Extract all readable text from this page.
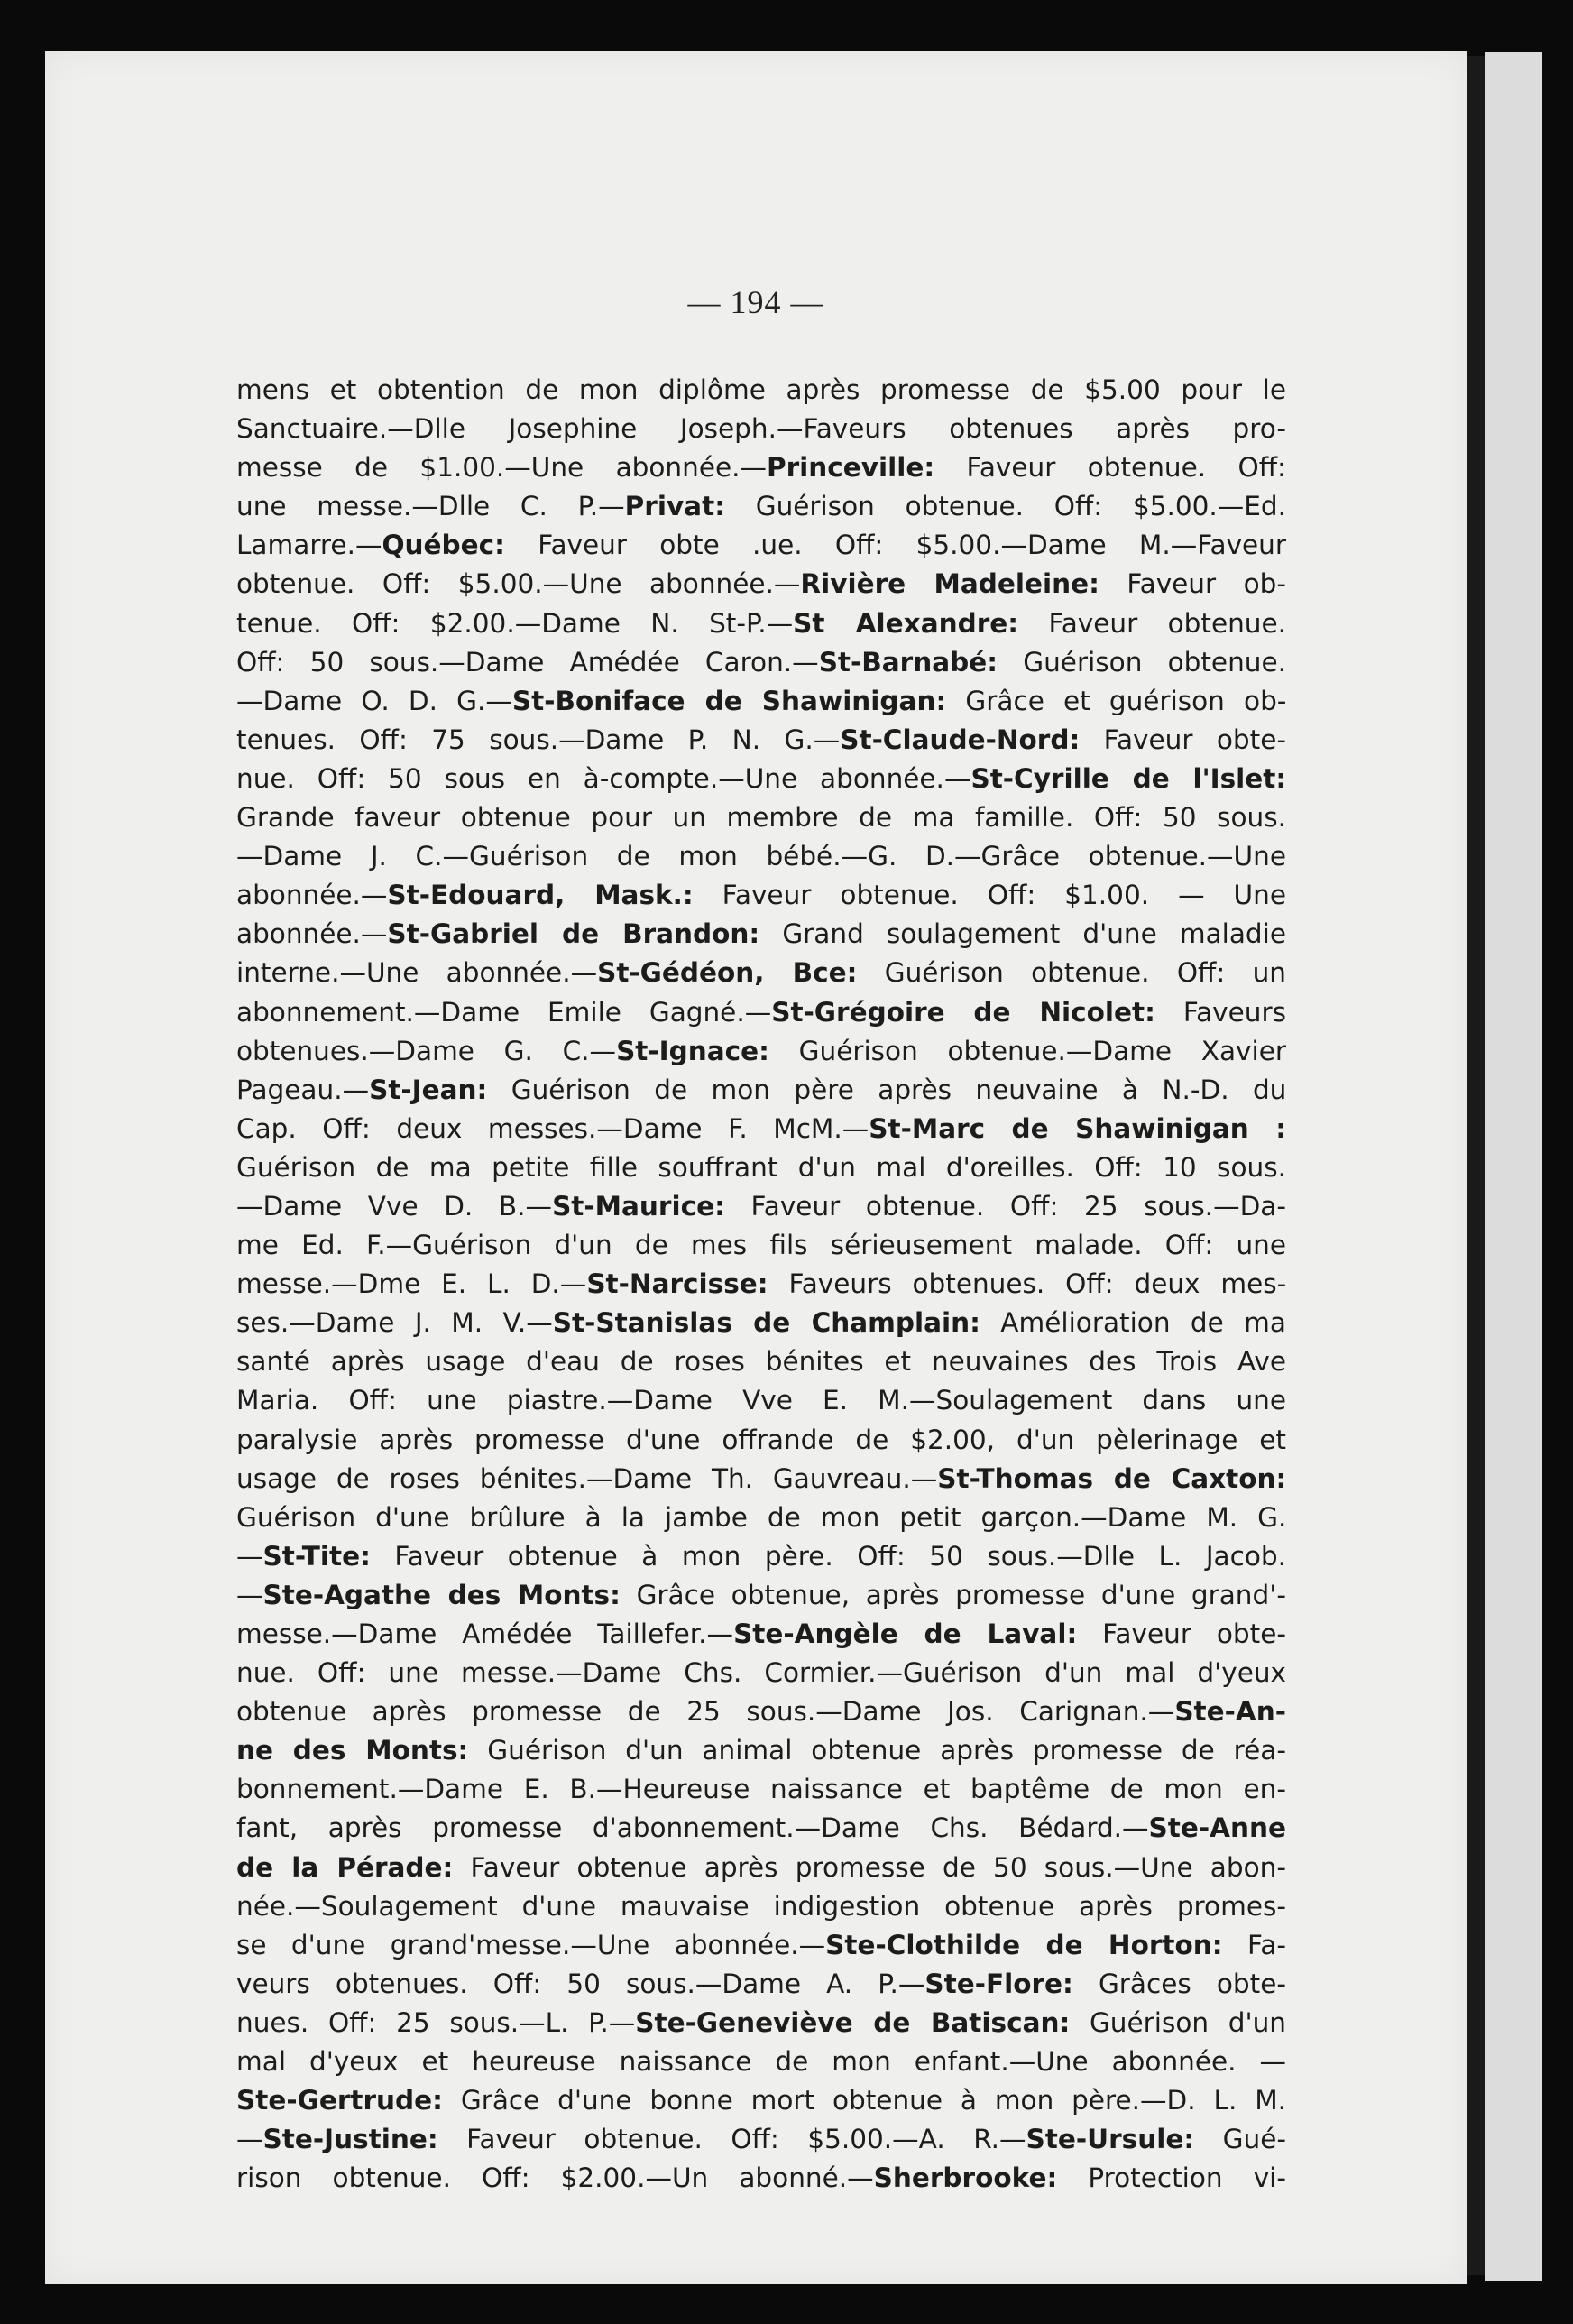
— 194 —
mens et obtention de mon diplôme après promesse de $5.00 pour le
Sanctuaire.—Dlle Josephine Joseph.—Faveurs obtenues après pro-
messe de $1.00.—Une abonnée.—Princeville: Faveur obtenue. Off:
une messe.—Dlle C. P.—Privat: Guérison obtenue. Off: $5.00.—Ed.
Lamarre.—Québec: Faveur obte .ue. Off: $5.00.—Dame M.—Faveur
obtenue. Off: $5.00.—Une abonnée.—Rivière Madeleine: Faveur ob-
tenue. Off: $2.00.—Dame N. St-P.—St Alexandre: Faveur obtenue.
Off: 50 sous.—Dame Amédée Caron.—St-Barnabé: Guérison obtenue.
—Dame O. D. G.—St-Boniface de Shawinigan: Grâce et guérison ob-
tenues. Off: 75 sous.—Dame P. N. G.—St-Claude-Nord: Faveur obte-
nue. Off: 50 sous en à-compte.—Une abonnée.—St-Cyrille de l'Islet:
Grande faveur obtenue pour un membre de ma famille. Off: 50 sous.
—Dame J. C.—Guérison de mon bébé.—G. D.—Grâce obtenue.—Une
abonnée.—St-Edouard, Mask.: Faveur obtenue. Off: $1.00. — Une
abonnée.—St-Gabriel de Brandon: Grand soulagement d'une maladie
interne.—Une abonnée.—St-Gédéon, Bce: Guérison obtenue. Off: un
abonnement.—Dame Emile Gagné.—St-Grégoire de Nicolet: Faveurs
obtenues.—Dame G. C.—St-Ignace: Guérison obtenue.—Dame Xavier
Pageau.—St-Jean: Guérison de mon père après neuvaine à N.-D. du
Cap. Off: deux messes.—Dame F. McM.—St-Marc de Shawinigan :
Guérison de ma petite fille souffrant d'un mal d'oreilles. Off: 10 sous.
—Dame Vve D. B.—St-Maurice: Faveur obtenue. Off: 25 sous.—Da-
me Ed. F.—Guérison d'un de mes fils sérieusement malade. Off: une
messe.—Dme E. L. D.—St-Narcisse: Faveurs obtenues. Off: deux mes-
ses.—Dame J. M. V.—St-Stanislas de Champlain: Amélioration de ma
santé après usage d'eau de roses bénites et neuvaines des Trois Ave
Maria. Off: une piastre.—Dame Vve E. M.—Soulagement dans une
paralysie après promesse d'une offrande de $2.00, d'un pèlerinage et
usage de roses bénites.—Dame Th. Gauvreau.—St-Thomas de Caxton:
Guérison d'une brûlure à la jambe de mon petit garçon.—Dame M. G.
—St-Tite: Faveur obtenue à mon père. Off: 50 sous.—Dlle L. Jacob.
—Ste-Agathe des Monts: Grâce obtenue, après promesse d'une grand'-
messe.—Dame Amédée Taillefer.—Ste-Angèle de Laval: Faveur obte-
nue. Off: une messe.—Dame Chs. Cormier.—Guérison d'un mal d'yeux
obtenue après promesse de 25 sous.—Dame Jos. Carignan.—Ste-An-
ne des Monts: Guérison d'un animal obtenue après promesse de réa-
bonnement.—Dame E. B.—Heureuse naissance et baptême de mon en-
fant, après promesse d'abonnement.—Dame Chs. Bédard.—Ste-Anne
de la Pérade: Faveur obtenue après promesse de 50 sous.—Une abon-
née.—Soulagement d'une mauvaise indigestion obtenue après promes-
se d'une grand'messe.—Une abonnée.—Ste-Clothilde de Horton: Fa-
veurs obtenues. Off: 50 sous.—Dame A. P.—Ste-Flore: Grâces obte-
nues. Off: 25 sous.—L. P.—Ste-Geneviève de Batiscan: Guérison d'un
mal d'yeux et heureuse naissance de mon enfant.—Une abonnée. —
Ste-Gertrude: Grâce d'une bonne mort obtenue à mon père.—D. L. M.
—Ste-Justine: Faveur obtenue. Off: $5.00.—A. R.—Ste-Ursule: Gué-
rison obtenue. Off: $2.00.—Un abonné.—Sherbrooke: Protection vi-
